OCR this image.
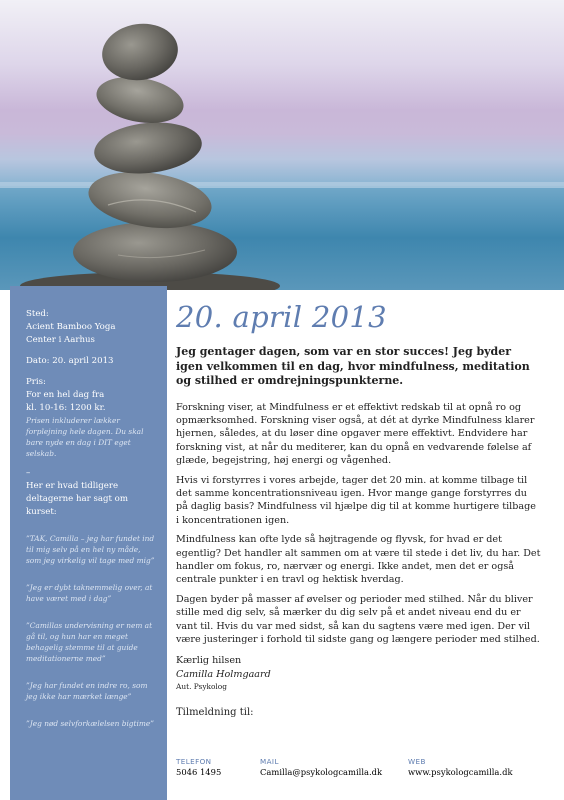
Sted:
Acient Bamboo Yoga
Center i Aarhus
Dato: 20. april 2013
Pris:
For en hel dag fra
kl. 10-16: 1200 kr.
Prisen inkluderer lækker forplejning hele dagen. Du skal bare nyde en dag i DIT eget selskab.
–
Her er hvad tidligere deltagerne har sagt om kurset:
”TAK, Camilla – jeg har fundet ind til mig selv på en hel ny måde, som jeg virkelig vil tage med mig”
”Jeg er dybt taknemmelig over, at have været med i dag”
”Camillas undervisning er nem at gå til, og hun har en meget behagelig stemme til at guide meditationerne med”
”Jeg har fundet en indre ro, som jeg ikke har mærket længe”
”Jeg nød selvforkælelsen bigtime”
20. april 2013
Jeg gentager dagen, som var en stor succes! Jeg byder igen velkommen til en dag, hvor mindfulness, meditation og stilhed er omdrejningspunkterne.
Forskning viser, at Mindfulness er et effektivt redskab til at opnå ro og opmærksomhed. Forskning viser også, at dét at dyrke Mindfulness klarer hjernen, således, at du løser dine opgaver mere effektivt. Endvidere har forskning vist, at når du mediterer, kan du opnå en vedvarende følelse af glæde, begejstring, høj energi og vågenhed.
Hvis vi forstyrres i vores arbejde, tager det 20 min. at komme tilbage til det samme koncentrationsniveau igen. Hvor mange gange forstyrres du på daglig basis? Mindfulness vil hjælpe dig til at komme hurtigere tilbage i koncentrationen igen.
Mindfulness kan ofte lyde så højtragende og flyvsk, for hvad er det egentlig? Det handler alt sammen om at være til stede i det liv, du har. Det handler om fokus, ro, nærvær og energi. Ikke andet, men det er også centrale punkter i en travl og hektisk hverdag.
Dagen byder på masser af øvelser og perioder med stilhed. Når du bliver stille med dig selv, så mærker du dig selv på et andet niveau end du er vant til. Hvis du var med sidst, så kan du sagtens være med igen. Der vil være justeringer i forhold til sidste gang og længere perioder med stilhed.
Kærlig hilsen
Camilla Holmgaard
Aut. Psykolog
Tilmeldning til:
TELEFON
5046 1495
MAIL
Camilla@psykologcamilla.dk
WEB
www.psykologcamilla.dk
